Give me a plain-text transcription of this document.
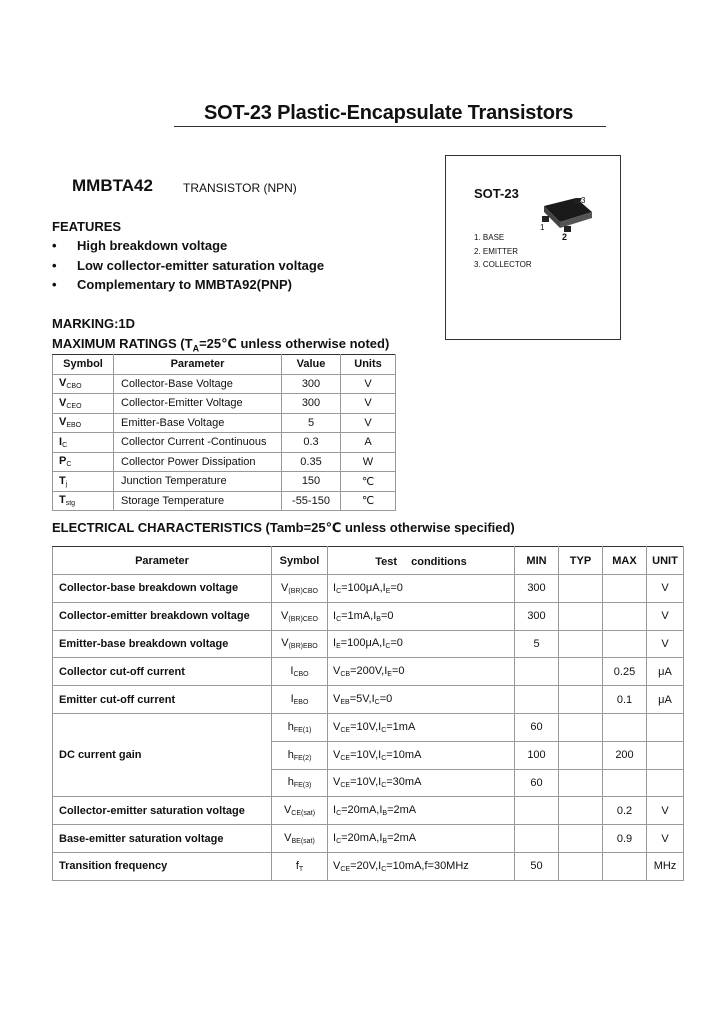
SOT-23 Plastic-Encapsulate Transistors
MMBTA42	TRANSISTOR (NPN)
FEATURES
• High breakdown voltage
• Low collector-emitter saturation voltage
• Complementary to MMBTA92(PNP)
MARKING:1D
MAXIMUM RATINGS ($T_A=25℃$ unless otherwise noted)
SOT-23
1
2
3
1. BASE
2. EMITTER
3. COLLECTOR
Symbol	Parameter	Value	Units
$V_{CBO}$	Collector-Base Voltage	300	V
$V_{CEO}$	Collector-Emitter Voltage	300	V
$V_{EBO}$	Emitter-Base Voltage	5	V
$I_C$	Collector Current -Continuous	0.3	A
$P_C$	Collector Power Dissipation	0.35	W
$T_j$	Junction Temperature	150	℃
$T_{stg}$	Storage Temperature	-55-150	℃
ELECTRICAL CHARACTERISTICS (Tamb=25℃ unless otherwise specified)
Parameter	Symbol	Test　 conditions	MIN	TYP	MAX	UNIT
Collector-base breakdown voltage	$V_{(BR)CBO}$	$I_C=100\mu A,I_E=0$	300			V
Collector-emitter breakdown voltage	$V_{(BR)CEO}$	$I_C=1mA,I_B=0$	300			V
Emitter-base breakdown voltage	$V_{(BR)EBO}$	$I_E=100\mu A,I_C=0$	5			V
Collector cut-off current	$I_{CBO}$	$V_{CB}=200V,I_E=0$			0.25	μA
Emitter cut-off current	$I_{EBO}$	$V_{EB}=5V,I_C=0$			0.1	μA
DC current gain	$h_{FE(1)}$	$V_{CE}=10V,I_C=1mA$	60			
	$h_{FE(2)}$	$V_{CE}=10V,I_C=10mA$	100		200	
	$h_{FE(3)}$	$V_{CE}=10V,I_C=30mA$	60			
Collector-emitter saturation voltage	$V_{CE(sat)}$	$I_C=20mA,I_B=2mA$			0.2	V
Base-emitter saturation voltage	$V_{BE(sat)}$	$I_C=20mA,I_B=2mA$			0.9	V
Transition frequency	$f_T$	$V_{CE}=20V,I_C=10mA,f=30MHz$	50			MHz
